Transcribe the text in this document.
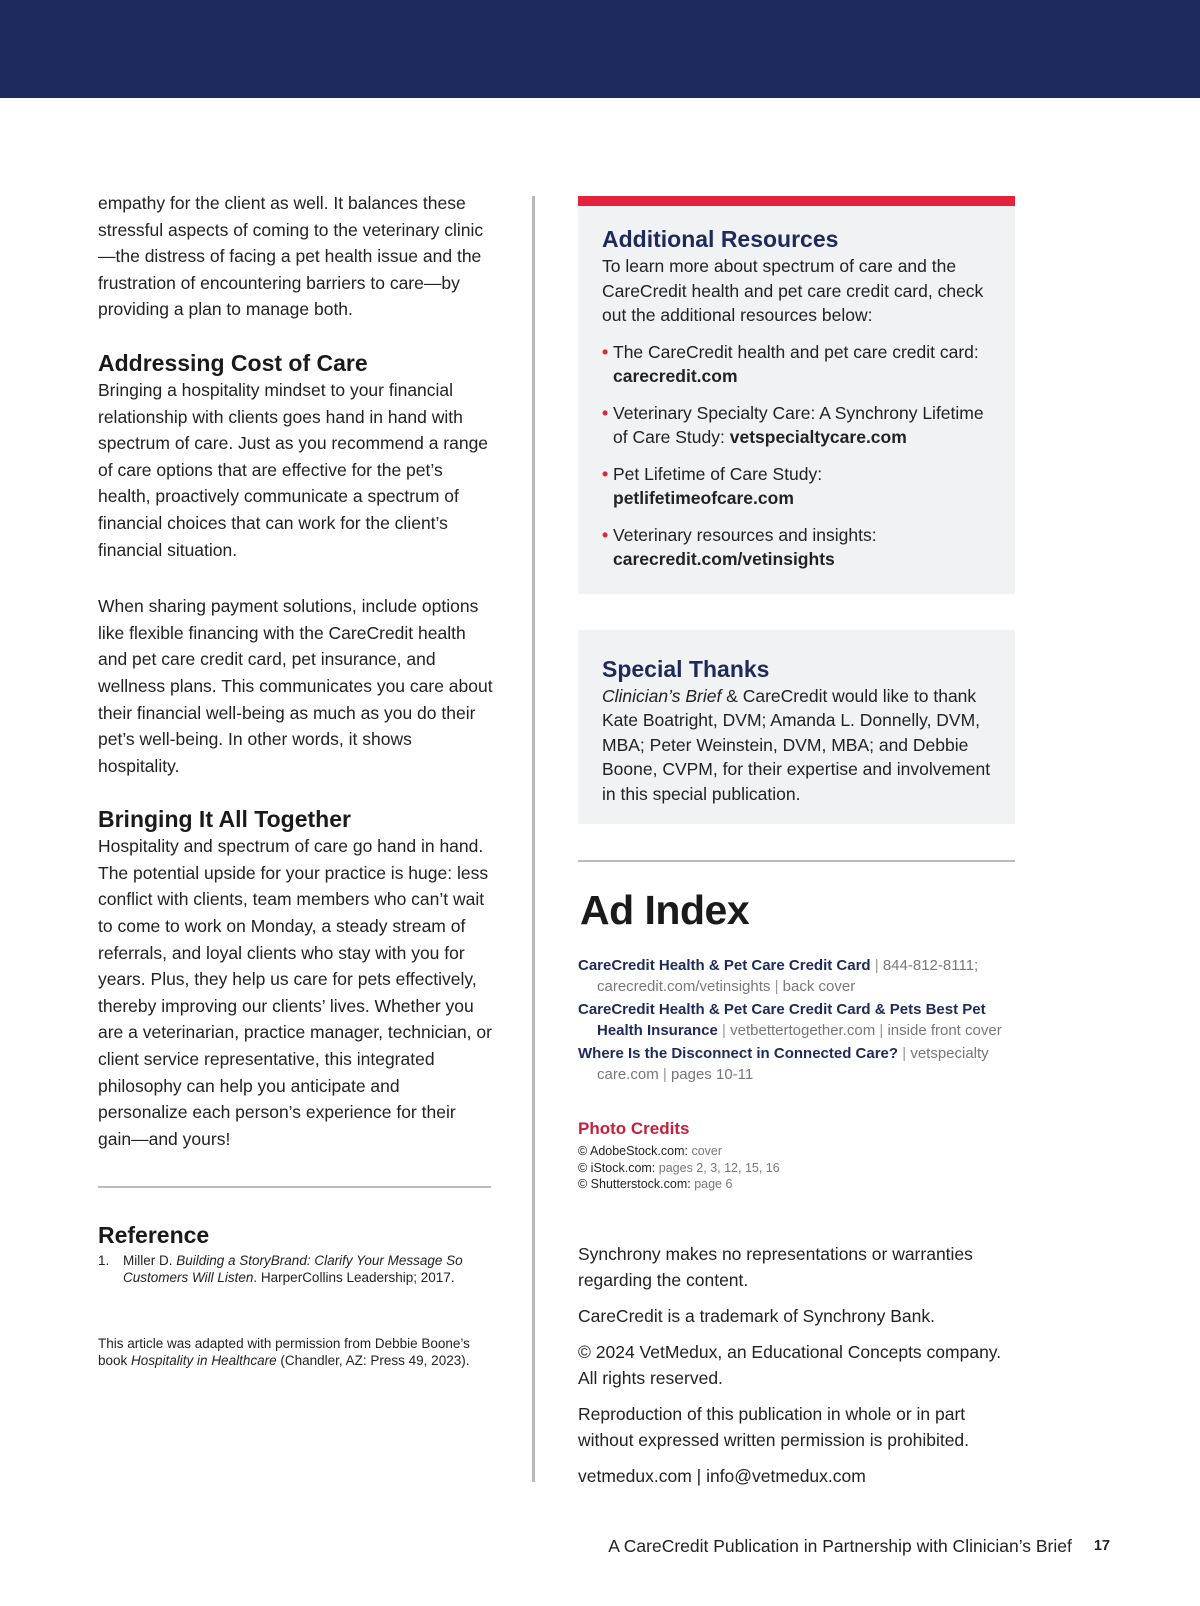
empathy for the client as well. It balances these stressful aspects of coming to the veterinary clinic—the distress of facing a pet health issue and the frustration of encountering barriers to care—by providing a plan to manage both.

Addressing Cost of Care

Bringing a hospitality mindset to your financial relationship with clients goes hand in hand with spectrum of care. Just as you recommend a range of care options that are effective for the pet’s health, proactively communicate a spectrum of financial choices that can work for the client’s financial situation.

When sharing payment solutions, include options like flexible financing with the CareCredit health and pet care credit card, pet insurance, and wellness plans. This communicates you care about their financial well-being as much as you do their pet’s well-being. In other words, it shows hospitality.

Bringing It All Together

Hospitality and spectrum of care go hand in hand. The potential upside for your practice is huge: less conflict with clients, team members who can’t wait to come to work on Monday, a steady stream of referrals, and loyal clients who stay with you for years. Plus, they help us care for pets effectively, thereby improving our clients’ lives. Whether you are a veterinarian, practice manager, technician, or client service representative, this integrated philosophy can help you anticipate and personalize each person’s experience for their gain—and yours!

Reference
1.	Miller D. Building a StoryBrand: Clarify Your Message So Customers Will Listen. HarperCollins Leadership; 2017.
This article was adapted with permission from Debbie Boone’s book Hospitality in Healthcare (Chandler, AZ: Press 49, 2023).
Additional Resources

To learn more about spectrum of care and the CareCredit health and pet care credit card, check out the additional resources below:

• The CareCredit health and pet care credit card: carecredit.com
• Veterinary Specialty Care: A Synchrony Lifetime of Care Study: vetspecialtycare.com
• Pet Lifetime of Care Study: petlifetimeofcare.com
• Veterinary resources and insights: carecredit.com/vetinsights
Special Thanks

Clinician’s Brief & CareCredit would like to thank Kate Boatright, DVM; Amanda L. Donnelly, DVM, MBA; Peter Weinstein, DVM, MBA; and Debbie Boone, CVPM, for their expertise and involvement in this special publication.

Ad Index
CareCredit Health & Pet Care Credit Card | 844-812-8111; carecredit.com/vetinsights | back cover
CareCredit Health & Pet Care Credit Card & Pets Best Pet Health Insurance | vetbettertogether.com | inside front cover
Where Is the Disconnect in Connected Care? | vetspecialty care.com | pages 10-11
Photo Credits
© AdobeStock.com: cover
© iStock.com: pages 2, 3, 12, 15, 16
© Shutterstock.com: page 6

Synchrony makes no representations or warranties regarding the content.

CareCredit is a trademark of Synchrony Bank.

© 2024 VetMedux, an Educational Concepts company. All rights reserved.

Reproduction of this publication in whole or in part without expressed written permission is prohibited.

vetmedux.com | info@vetmedux.com

A CareCredit Publication in Partnership with Clinician’s Brief 17
